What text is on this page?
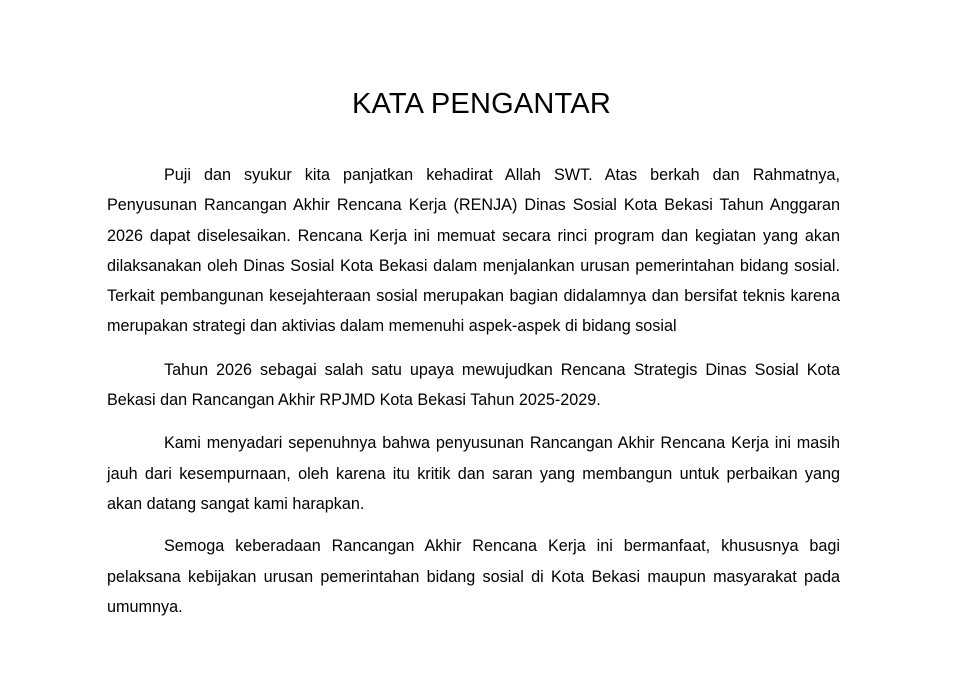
KATA PENGANTAR

Puji dan syukur kita panjatkan kehadirat Allah SWT. Atas berkah dan Rahmatnya, Penyusunan Rancangan Akhir Rencana Kerja (RENJA) Dinas Sosial Kota Bekasi Tahun Anggaran 2026 dapat diselesaikan. Rencana Kerja ini memuat secara rinci program dan kegiatan yang akan dilaksanakan oleh Dinas Sosial Kota Bekasi dalam menjalankan urusan pemerintahan bidang sosial. Terkait pembangunan kesejahteraan sosial merupakan bagian didalamnya dan bersifat teknis karena merupakan strategi dan aktivias dalam memenuhi aspek-aspek di bidang sosial

Tahun 2026 sebagai salah satu upaya mewujudkan Rencana Strategis Dinas Sosial Kota Bekasi dan Rancangan Akhir RPJMD Kota Bekasi Tahun 2025-2029.

Kami menyadari sepenuhnya bahwa penyusunan Rancangan Akhir Rencana Kerja ini masih jauh dari kesempurnaan, oleh karena itu kritik dan saran yang membangun untuk perbaikan yang akan datang sangat kami harapkan.

Semoga keberadaan Rancangan Akhir Rencana Kerja ini bermanfaat, khususnya bagi pelaksana kebijakan urusan pemerintahan bidang sosial di Kota Bekasi maupun masyarakat pada umumnya.
